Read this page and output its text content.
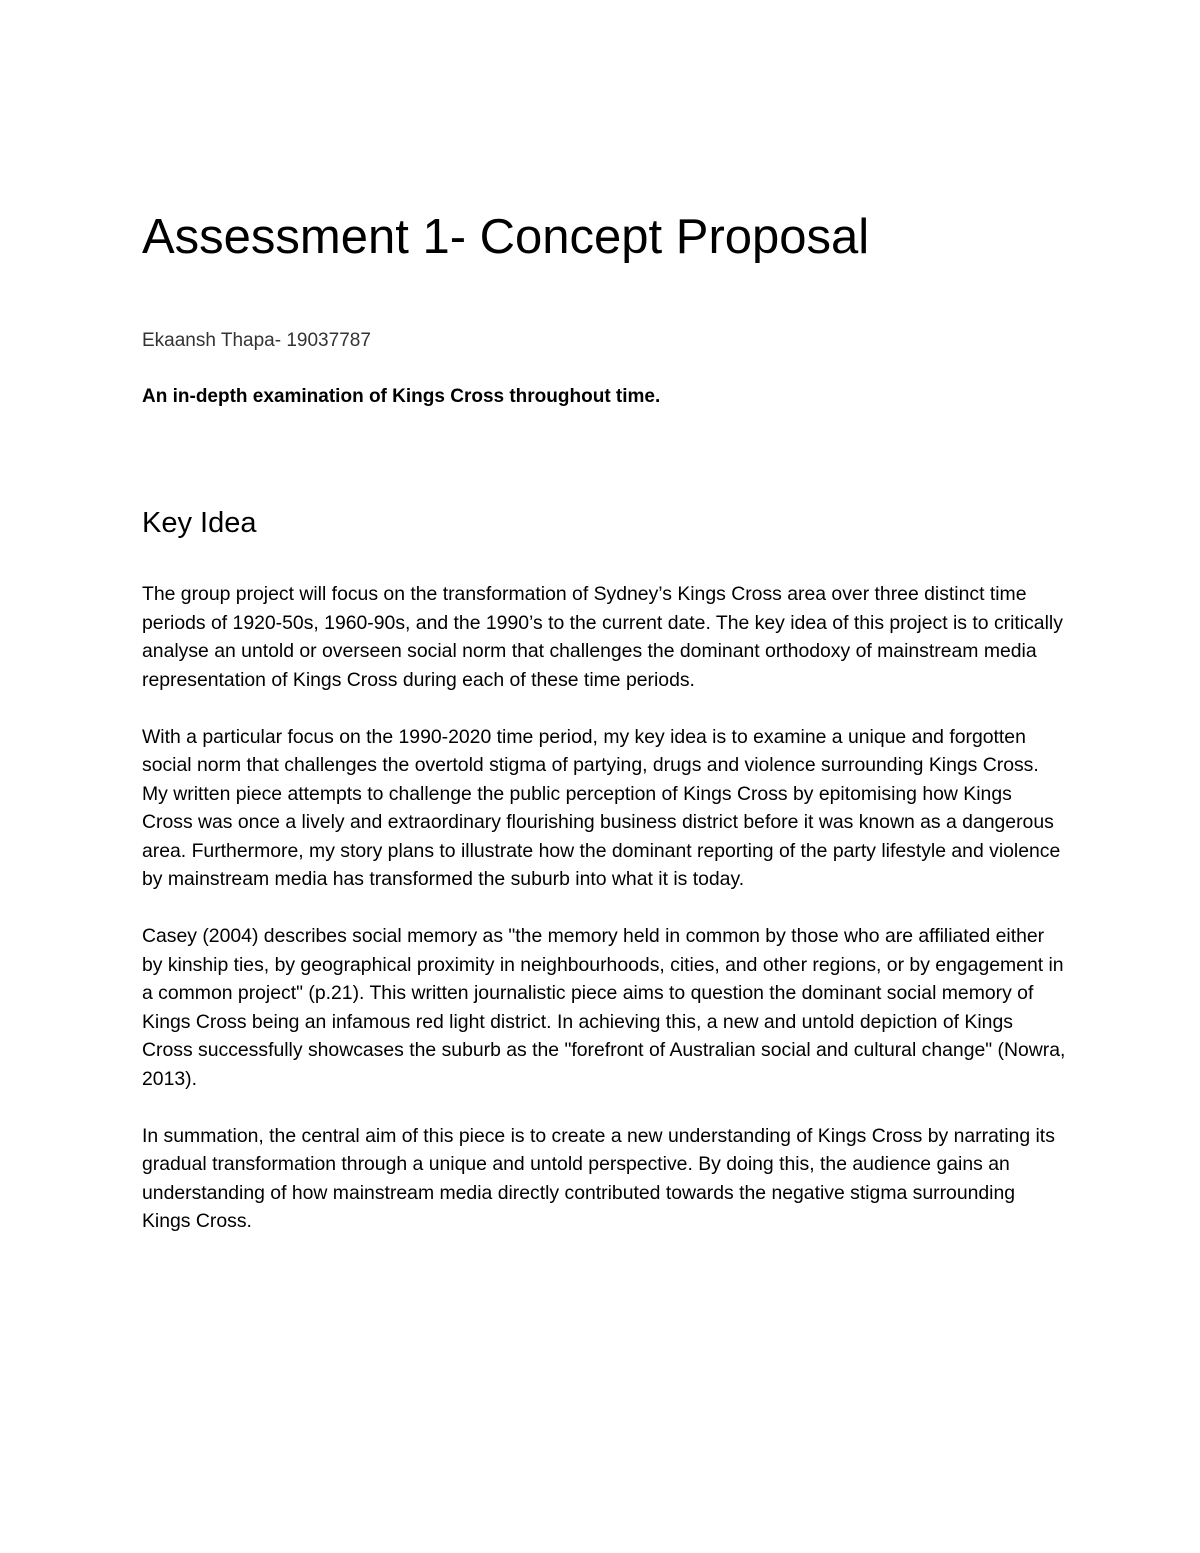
Assessment 1- Concept Proposal

Ekaansh Thapa- 19037787

An in-depth examination of Kings Cross throughout time.

Key Idea

The group project will focus on the transformation of Sydney’s Kings Cross area over three distinct time periods of 1920-50s, 1960-90s, and the 1990’s to the current date. The key idea of this project is to critically analyse an untold or overseen social norm that challenges the dominant orthodoxy of mainstream media representation of Kings Cross during each of these time periods.

With a particular focus on the 1990-2020 time period, my key idea is to examine a unique and forgotten social norm that challenges the overtold stigma of partying, drugs and violence surrounding Kings Cross. My written piece attempts to challenge the public perception of Kings Cross by epitomising how Kings Cross was once a lively and extraordinary flourishing business district before it was known as a dangerous area. Furthermore, my story plans to illustrate how the dominant reporting of the party lifestyle and violence by mainstream media has transformed the suburb into what it is today.

Casey (2004) describes social memory as "the memory held in common by those who are affiliated either by kinship ties, by geographical proximity in neighbourhoods, cities, and other regions, or by engagement in a common project" (p.21). This written journalistic piece aims to question the dominant social memory of Kings Cross being an infamous red light district. In achieving this, a new and untold depiction of Kings Cross successfully showcases the suburb as the "forefront of Australian social and cultural change" (Nowra, 2013).

In summation, the central aim of this piece is to create a new understanding of Kings Cross by narrating its gradual transformation through a unique and untold perspective. By doing this, the audience gains an understanding of how mainstream media directly contributed towards the negative stigma surrounding Kings Cross.
